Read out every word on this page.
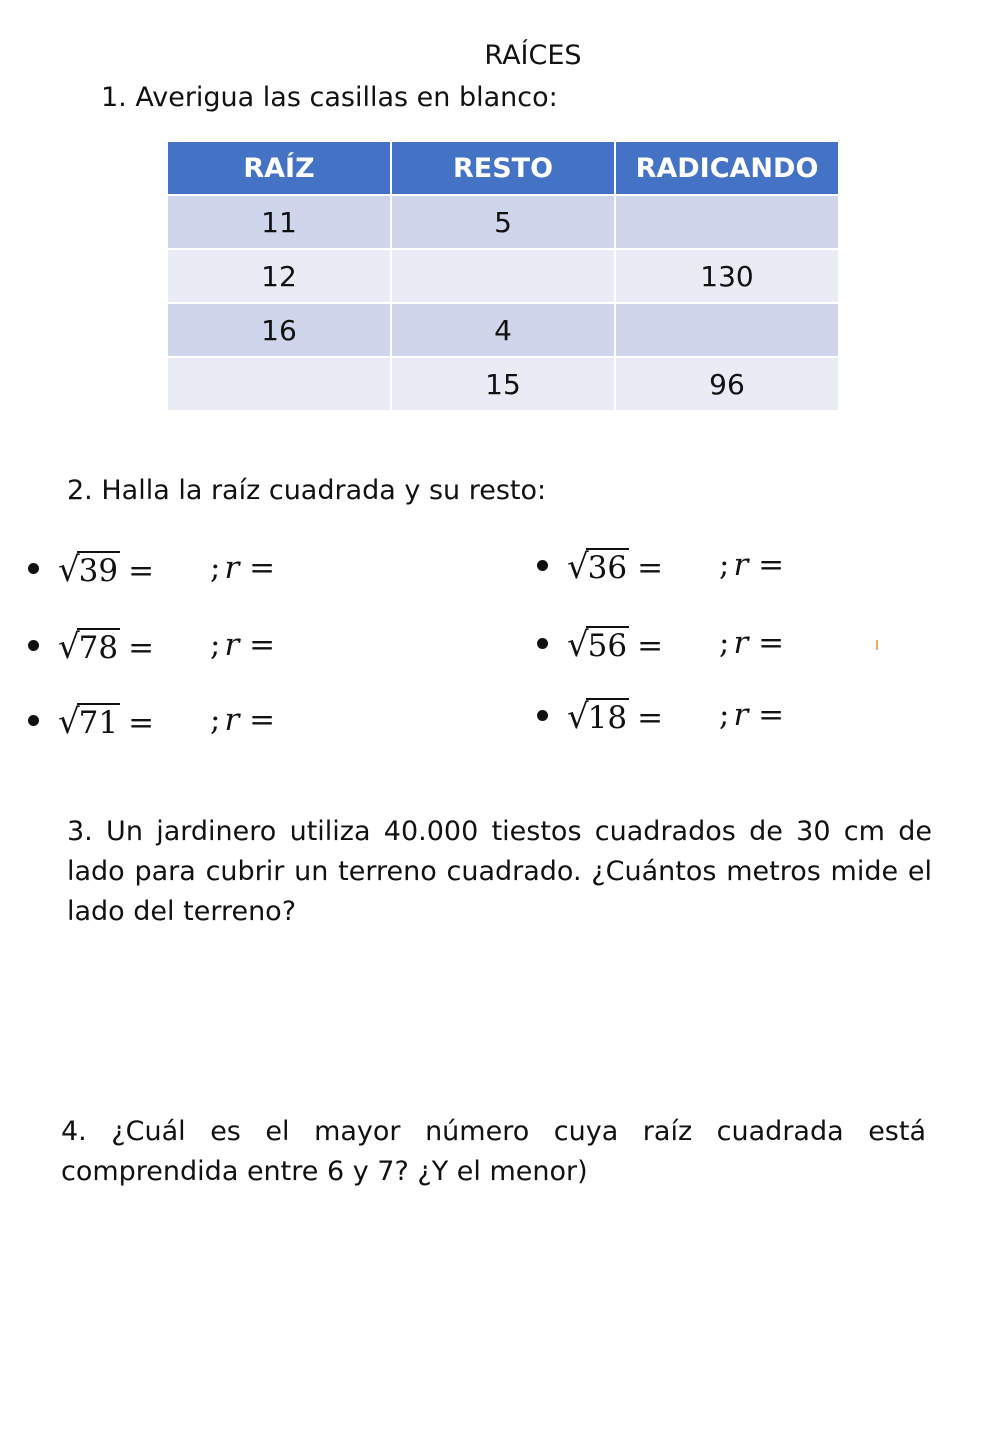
RAÍCES
1. Averigua las casillas en blanco:
RAÍZ	RESTO	RADICANDO
11	5	
12		130
16	4	
	15	96
2. Halla la raíz cuadrada y su resto:
√39 = ; r =	√36 = ; r =
√78 = ; r =	√56 = ; r =
√71 = ; r =	√18 = ; r =
3. Un jardinero utiliza 40.000 tiestos cuadrados de 30 cm de lado para cubrir un terreno cuadrado. ¿Cuántos metros mide el lado del terreno?
4. ¿Cuál es el mayor número cuya raíz cuadrada está comprendida entre 6 y 7? ¿Y el menor)
